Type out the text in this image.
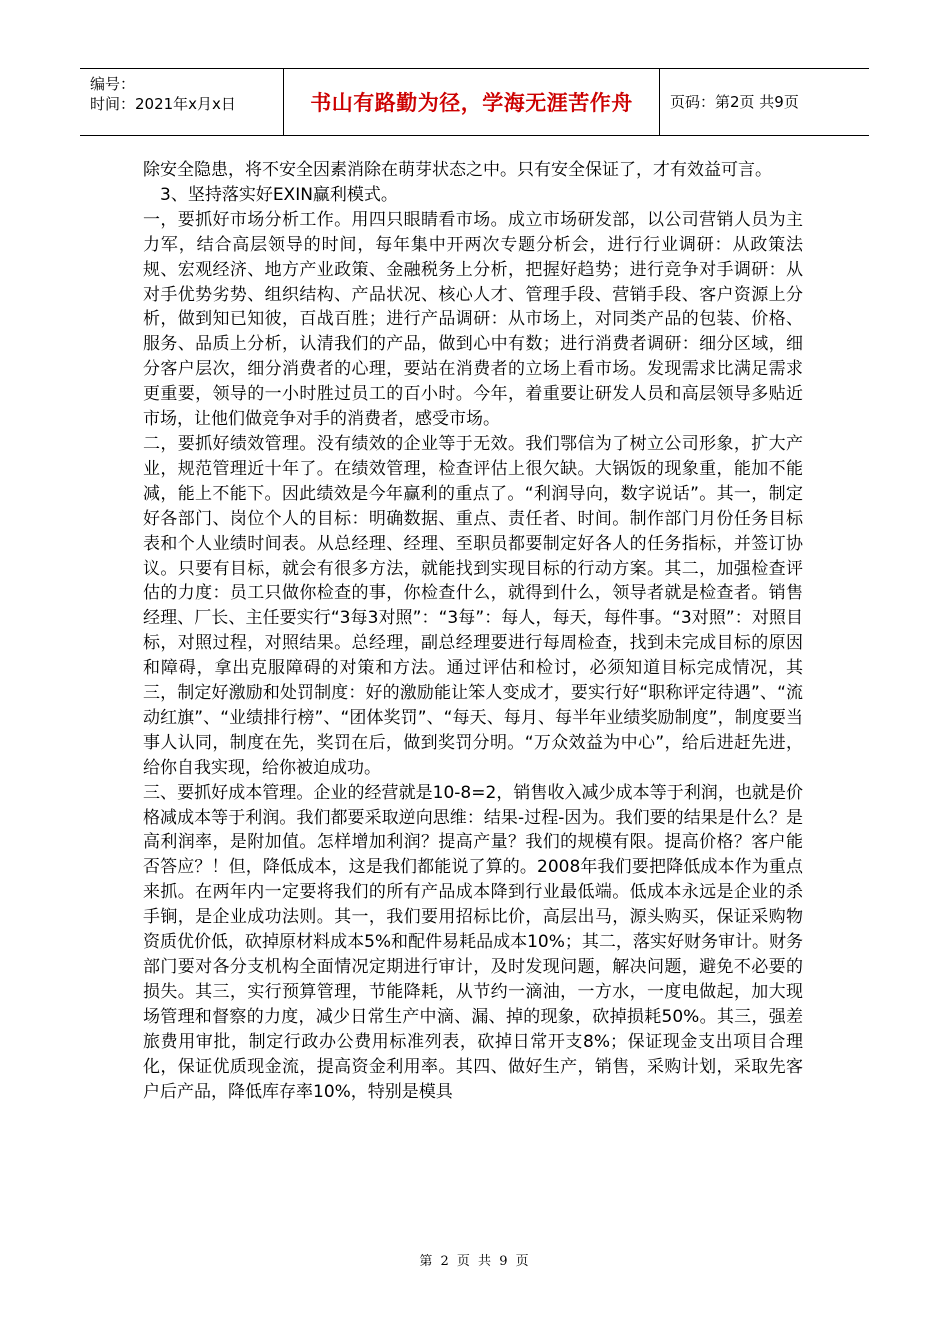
编号：
时间：2021年x月x日	书山有路勤为径，学海无涯苦作舟	页码：第2页 共9页

除安全隐患，将不安全因素消除在萌芽状态之中。只有安全保证了，才有效益可言。

　3、坚持落实好EXIN赢利模式。

一，要抓好市场分析工作。用四只眼睛看市场。成立市场研发部，以公司营销人员为主力军，结合高层领导的时间，每年集中开两次专题分析会，进行行业调研：从政策法规、宏观经济、地方产业政策、金融税务上分析，把握好趋势；进行竞争对手调研：从对手优势劣势、组织结构、产品状况、核心人才、管理手段、营销手段、客户资源上分析，做到知已知彼，百战百胜；进行产品调研：从市场上，对同类产品的包装、价格、服务、品质上分析，认清我们的产品，做到心中有数；进行消费者调研：细分区域，细分客户层次，细分消费者的心理，要站在消费者的立场上看市场。发现需求比满足需求更重要，领导的一小时胜过员工的百小时。今年，着重要让研发人员和高层领导多贴近市场，让他们做竞争对手的消费者，感受市场。

二，要抓好绩效管理。没有绩效的企业等于无效。我们鄂信为了树立公司形象，扩大产业，规范管理近十年了。在绩效管理，检查评估上很欠缺。大锅饭的现象重，能加不能减，能上不能下。因此绩效是今年赢利的重点了。“利润导向，数字说话”。其一，制定好各部门、岗位个人的目标：明确数据、重点、责任者、时间。制作部门月份任务目标表和个人业绩时间表。从总经理、经理、至职员都要制定好各人的任务指标，并签订协议。只要有目标，就会有很多方法，就能找到实现目标的行动方案。其二，加强检查评估的力度：员工只做你检查的事，你检查什么，就得到什么，领导者就是检查者。销售经理、厂长、主任要实行“3每3对照”：“3每”：每人，每天，每件事。“3对照”：对照目标，对照过程，对照结果。总经理，副总经理要进行每周检查，找到未完成目标的原因和障碍，拿出克服障碍的对策和方法。通过评估和检讨，必须知道目标完成情况，其三，制定好激励和处罚制度：好的激励能让笨人变成才，要实行好“职称评定待遇”、“流动红旗”、“业绩排行榜”、“团体奖罚”、“每天、每月、每半年业绩奖励制度”，制度要当事人认同，制度在先，奖罚在后，做到奖罚分明。“万众效益为中心”，给后进赶先进，给你自我实现，给你被迫成功。

三、要抓好成本管理。企业的经营就是10-8=2，销售收入减少成本等于利润，也就是价格减成本等于利润。我们都要采取逆向思维：结果-过程-因为。我们要的结果是什么？是高利润率，是附加值。怎样增加利润？提高产量？我们的规模有限。提高价格？客户能否答应？！但，降低成本，这是我们都能说了算的。2008年我们要把降低成本作为重点来抓。在两年内一定要将我们的所有产品成本降到行业最低端。低成本永远是企业的杀手锏，是企业成功法则。其一，我们要用招标比价，高层出马，源头购买，保证采购物资质优价低，砍掉原材料成本5%和配件易耗品成本10%；其二，落实好财务审计。财务部门要对各分支机构全面情况定期进行审计，及时发现问题，解决问题，避免不必要的损失。其三，实行预算管理，节能降耗，从节约一滴油，一方水，一度电做起，加大现场管理和督察的力度，减少日常生产中滴、漏、掉的现象，砍掉损耗50%。其三，强差旅费用审批，制定行政办公费用标准列表，砍掉日常开支8%；保证现金支出项目合理化，保证优质现金流，提高资金利用率。其四、做好生产，销售，采购计划，采取先客户后产品，降低库存率10%，特别是模具

第 2 页 共 9 页
